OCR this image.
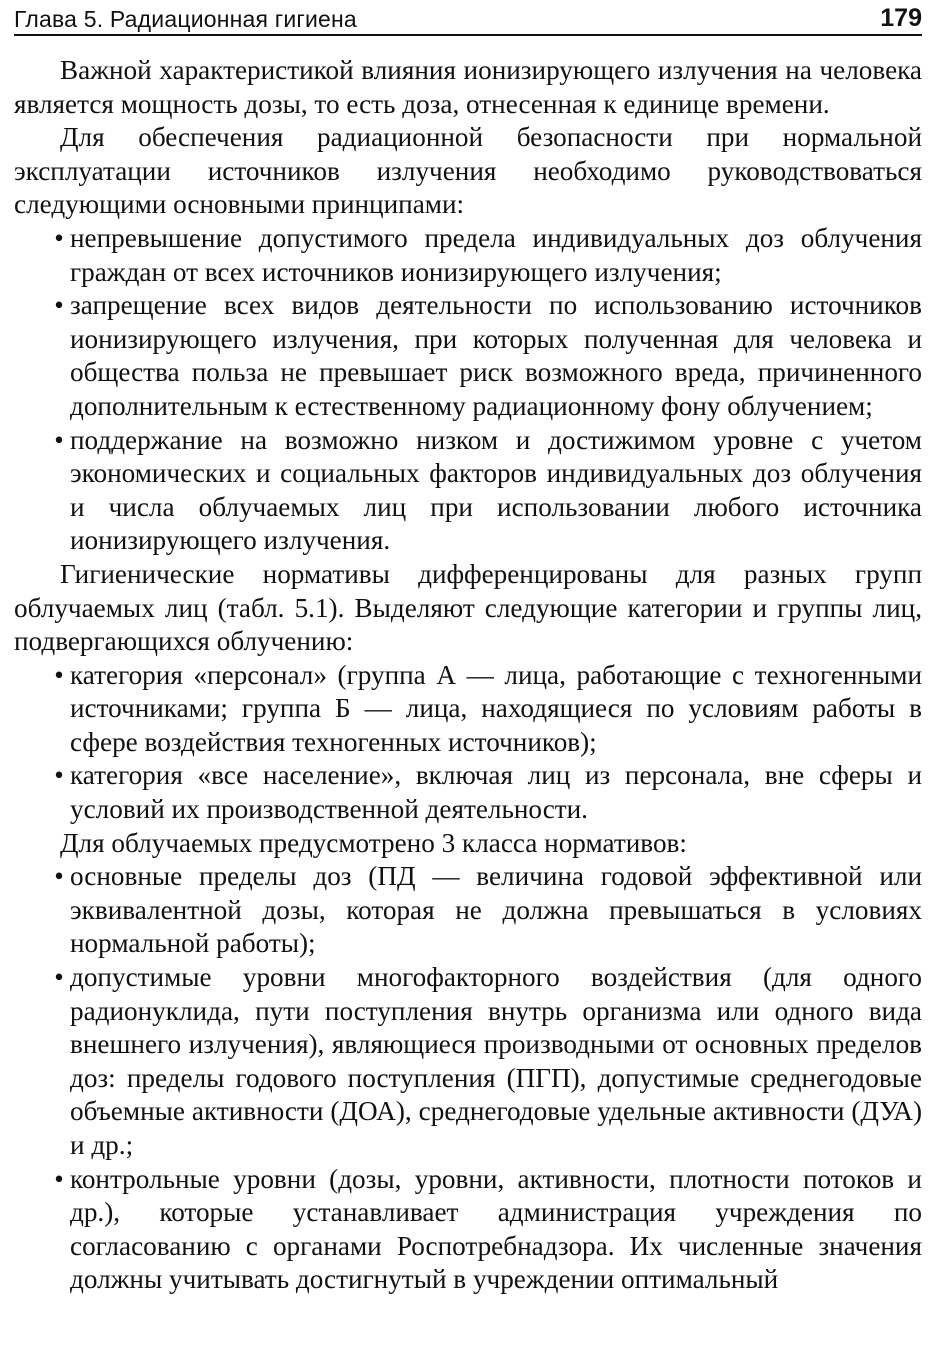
Глава 5. Радиационная гигиена	179

Важной характеристикой влияния ионизирующего излучения на человека является мощность дозы, то есть доза, отнесенная к единице времени.

Для обеспечения радиационной безопасности при нормальной эксплуатации источников излучения необходимо руководствоваться следующими основными принципами:

• непревышение допустимого предела индивидуальных доз облучения граждан от всех источников ионизирующего излучения;
• запрещение всех видов деятельности по использованию источников ионизирующего излучения, при которых полученная для человека и общества польза не превышает риск возможного вреда, причиненного дополнительным к естественному радиационному фону облучением;
• поддержание на возможно низком и достижимом уровне с учетом экономических и социальных факторов индивидуальных доз облучения и числа облучаемых лиц при использовании любого источника ионизирующего излучения.

Гигиенические нормативы дифференцированы для разных групп облучаемых лиц (табл. 5.1). Выделяют следующие категории и группы лиц, подвергающихся облучению:

• категория «персонал» (группа А — лица, работающие с техногенными источниками; группа Б — лица, находящиеся по условиям работы в сфере воздействия техногенных источников);
• категория «все население», включая лиц из персонала, вне сферы и условий их производственной деятельности.

Для облучаемых предусмотрено 3 класса нормативов:

• основные пределы доз (ПД — величина годовой эффективной или эквивалентной дозы, которая не должна превышаться в условиях нормальной работы);
• допустимые уровни многофакторного воздействия (для одного радионуклида, пути поступления внутрь организма или одного вида внешнего излучения), являющиеся производными от основных пределов доз: пределы годового поступления (ПГП), допустимые среднегодовые объемные активности (ДОА), среднегодовые удельные активности (ДУА) и др.;
• контрольные уровни (дозы, уровни, активности, плотности потоков и др.), которые устанавливает администрация учреждения по согласованию с органами Роспотребнадзора. Их численные значения должны учитывать достигнутый в учреждении оптимальный
